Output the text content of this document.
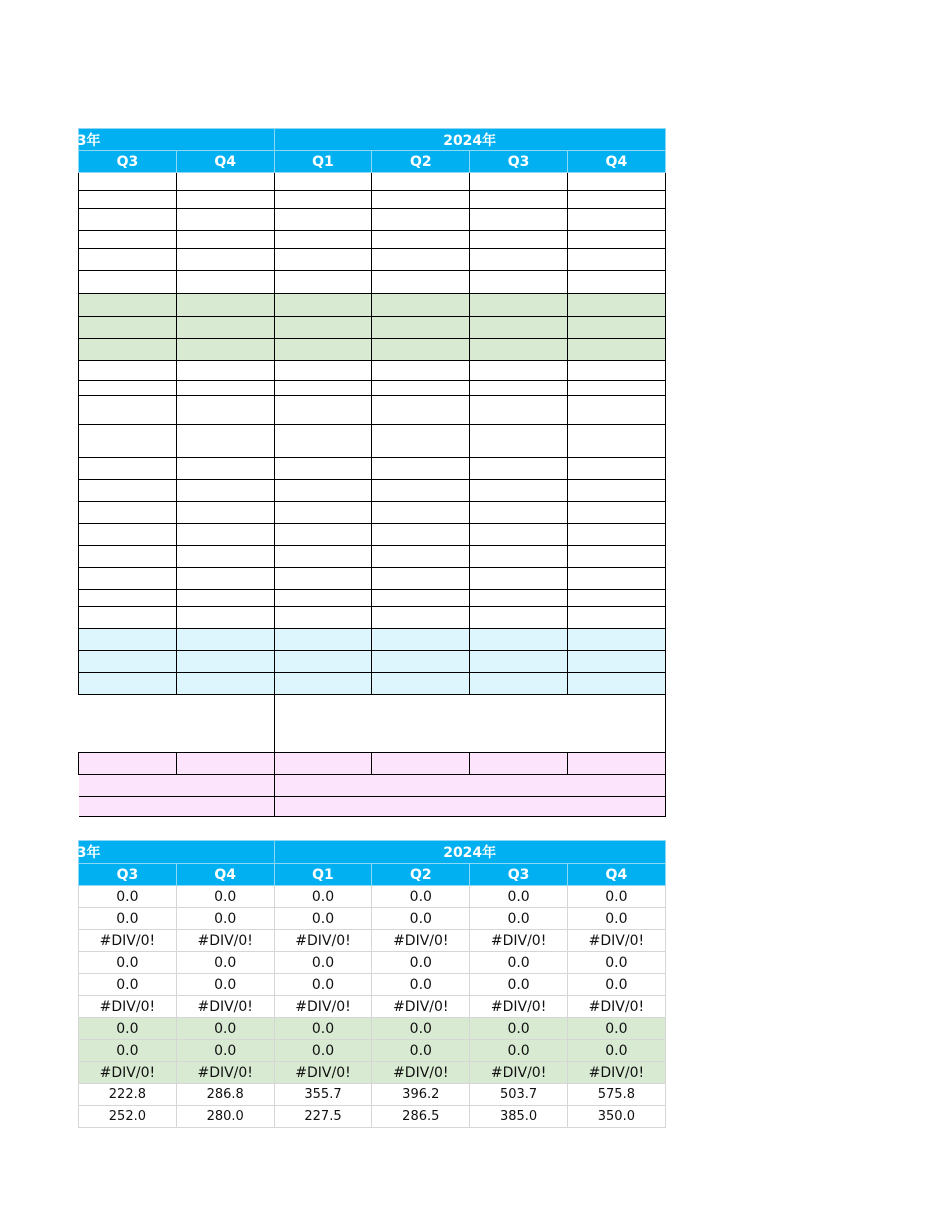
23年		2024年			
Q3	Q4	Q1	Q2	Q3	Q4

23年		2024年			
Q3	Q4	Q1	Q2	Q3	Q4
0.0	0.0	0.0	0.0	0.0	0.0
0.0	0.0	0.0	0.0	0.0	0.0
#DIV/0!	#DIV/0!	#DIV/0!	#DIV/0!	#DIV/0!	#DIV/0!
0.0	0.0	0.0	0.0	0.0	0.0
0.0	0.0	0.0	0.0	0.0	0.0
#DIV/0!	#DIV/0!	#DIV/0!	#DIV/0!	#DIV/0!	#DIV/0!
0.0	0.0	0.0	0.0	0.0	0.0
0.0	0.0	0.0	0.0	0.0	0.0
#DIV/0!	#DIV/0!	#DIV/0!	#DIV/0!	#DIV/0!	#DIV/0!
222.8	286.8	355.7	396.2	503.7	575.8
252.0	280.0	227.5	286.5	385.0	350.0
